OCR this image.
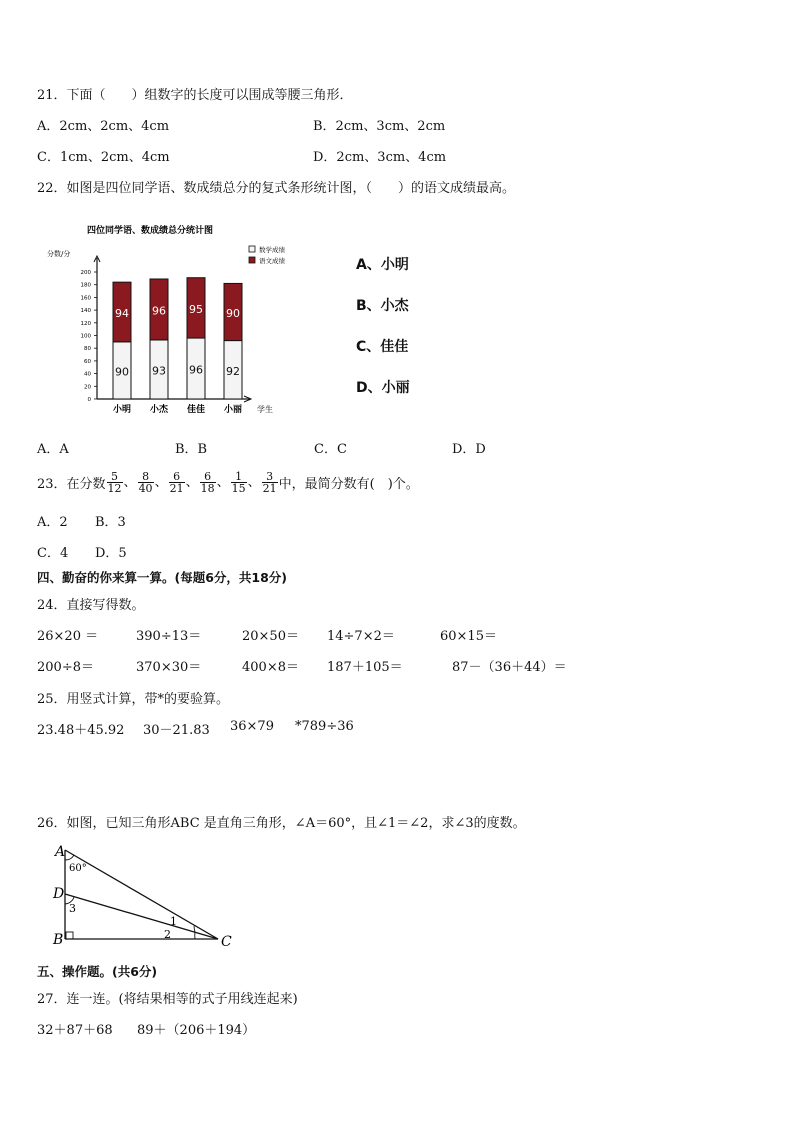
21．下面（　　）组数字的长度可以围成等腰三角形．
A．2cm、2cm、4cm	B．2cm、3cm、2cm
C．1cm、2cm、4cm	D．2cm、3cm、4cm
22．如图是四位同学语、数成绩总分的复式条形统计图，（　　）的语文成绩最高。
四位同学语、数成绩总分统计图
分数/分
0
20
40
60
80
100
120
140
160
180
200
90
94
小明
93
96
小杰
96
95
佳佳
92
90
小丽
数学成绩
语文成绩
学生
A、小明
B、小杰
C、佳佳
D、小丽
A．A	B．B	C．C	D．D
23．在分数 $\frac{5}{12}$ 、 $\frac{8}{40}$ 、 $\frac{6}{21}$ 、 $\frac{6}{18}$ 、 $\frac{1}{15}$ 、 $\frac{3}{21}$ 中，最简分数有(　)个。
A．2 B．3
C．4 D．5
四、勤奋的你来算一算。(每题6分，共18分)
24．直接写得数。
26×20 ＝	390÷13＝	20×50＝ 14÷7×2＝	60×15＝
200÷8＝	370×30＝	400×8＝ 187＋105＝	87－（36＋44）＝
25．用竖式计算，带*的要验算。
23.48＋45.92 30－21.83 36×79 *789÷36
26．如图，已知三角形ABC 是直角三角形，∠A＝60°，且∠1＝∠2，求∠3的度数。
A
60°
D
3
B
1
2	C
五、操作题。(共6分)
27．连一连。(将结果相等的式子用线连起来)
32＋87＋68 89＋（206＋194）
